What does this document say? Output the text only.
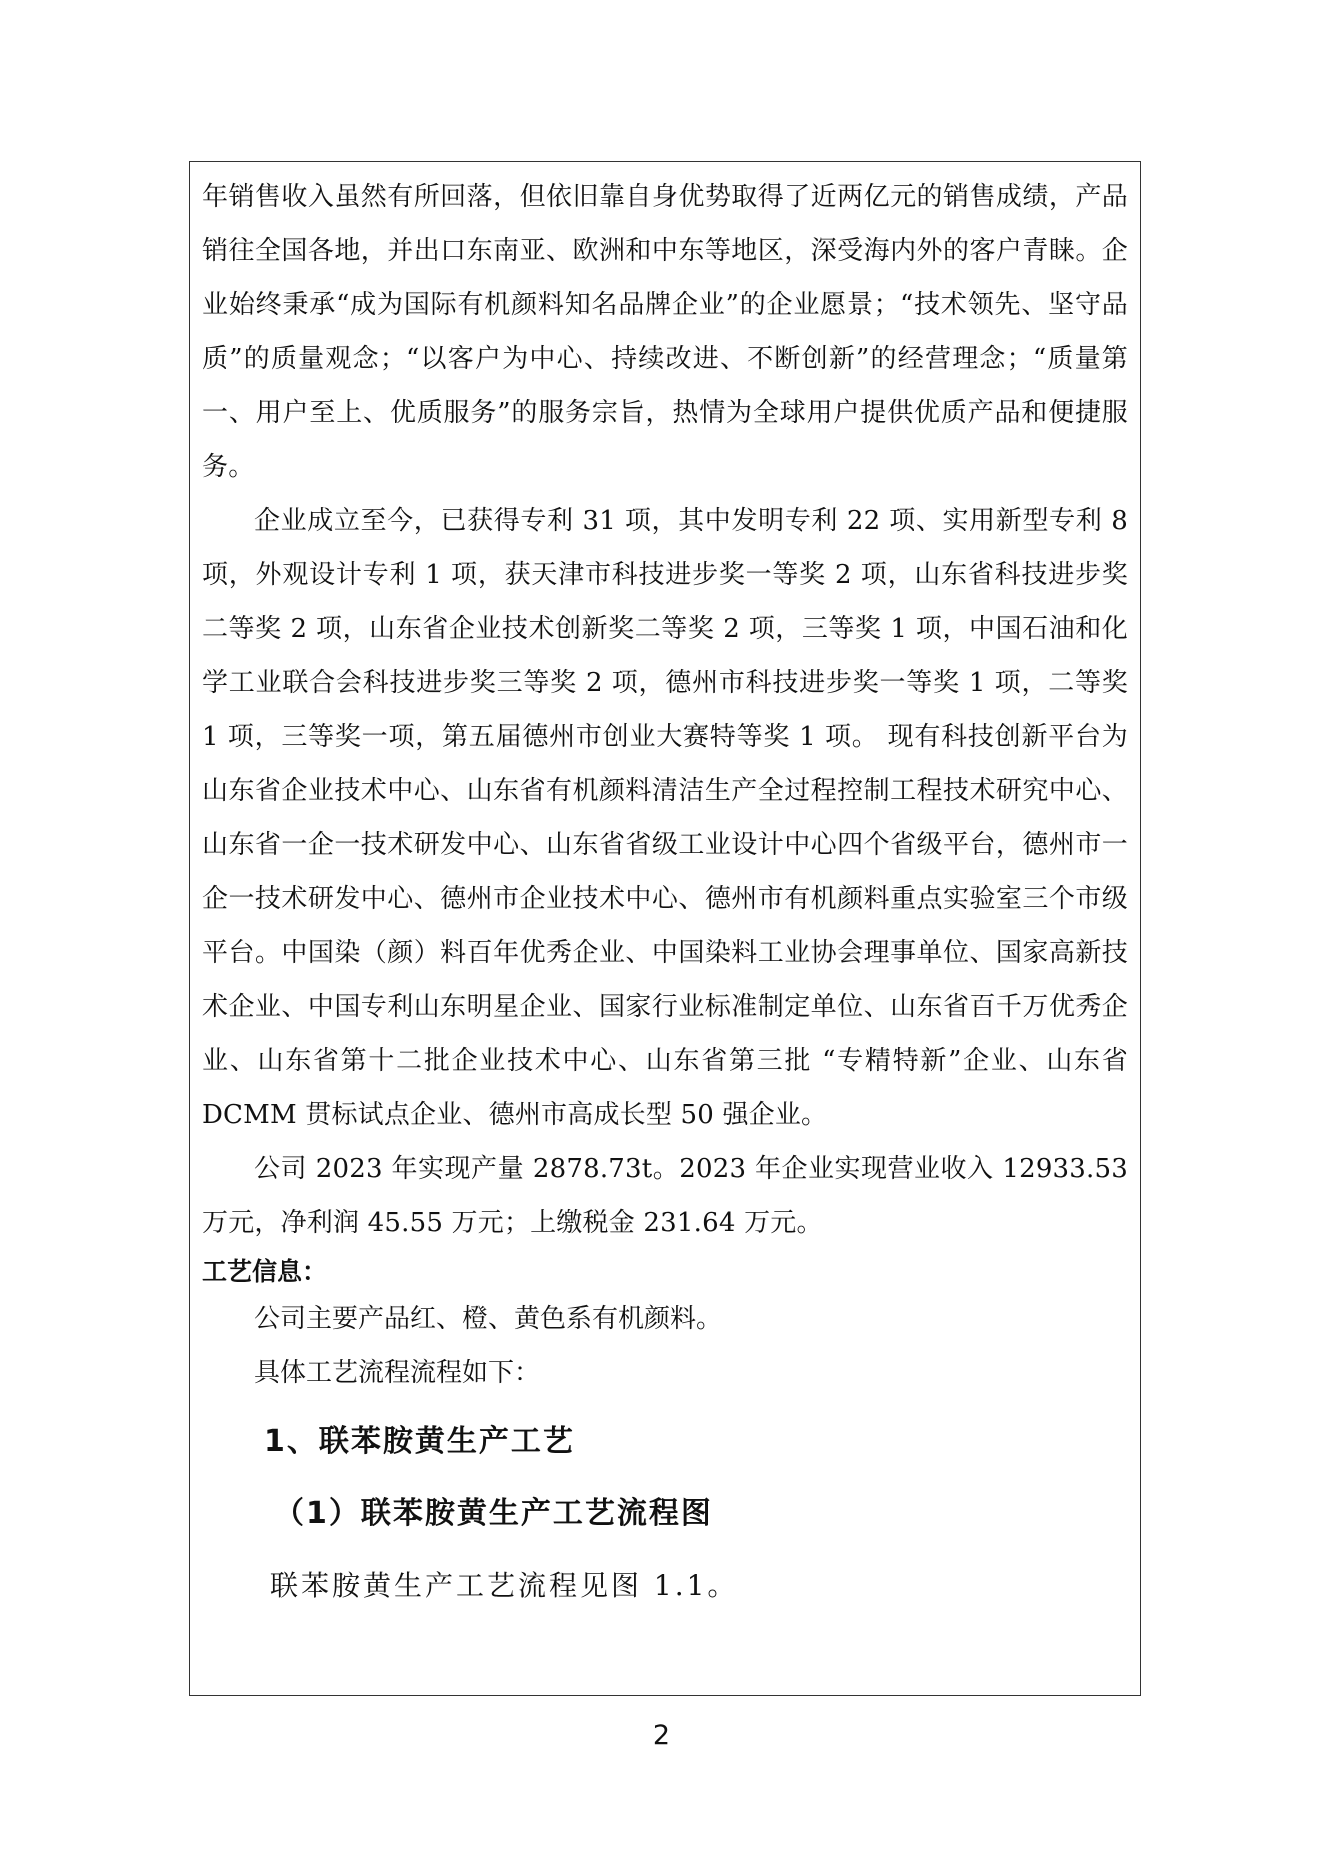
年销售收入虽然有所回落，但依旧靠自身优势取得了近两亿元的销售成绩，产品销往全国各地，并出口东南亚、欧洲和中东等地区，深受海内外的客户青睐。企业始终秉承“成为国际有机颜料知名品牌企业”的企业愿景；“技术领先、坚守品质”的质量观念；“以客户为中心、持续改进、不断创新”的经营理念；“质量第一、用户至上、优质服务”的服务宗旨，热情为全球用户提供优质产品和便捷服务。

企业成立至今，已获得专利 31 项，其中发明专利 22 项、实用新型专利 8 项，外观设计专利 1 项，获天津市科技进步奖一等奖 2 项，山东省科技进步奖二等奖 2 项，山东省企业技术创新奖二等奖 2 项，三等奖 1 项，中国石油和化学工业联合会科技进步奖三等奖 2 项，德州市科技进步奖一等奖 1 项，二等奖 1 项，三等奖一项，第五届德州市创业大赛特等奖 1 项。 现有科技创新平台为山东省企业技术中心、山东省有机颜料清洁生产全过程控制工程技术研究中心、山东省一企一技术研发中心、山东省省级工业设计中心四个省级平台，德州市一企一技术研发中心、德州市企业技术中心、德州市有机颜料重点实验室三个市级平台。中国染（颜）料百年优秀企业、中国染料工业协会理事单位、国家高新技术企业、中国专利山东明星企业、国家行业标准制定单位、山东省百千万优秀企业、山东省第十二批企业技术中心、山东省第三批 “专精特新”企业、山东省 DCMM 贯标试点企业、德州市高成长型 50 强企业。

公司 2023 年实现产量 2878.73t。2023 年企业实现营业收入 12933.53 万元，净利润 45.55 万元；上缴税金 231.64 万元。

工艺信息：

公司主要产品红、橙、黄色系有机颜料。

具体工艺流程流程如下：

1、联苯胺黄生产工艺

（1）联苯胺黄生产工艺流程图

联苯胺黄生产工艺流程见图 1.1。

2
